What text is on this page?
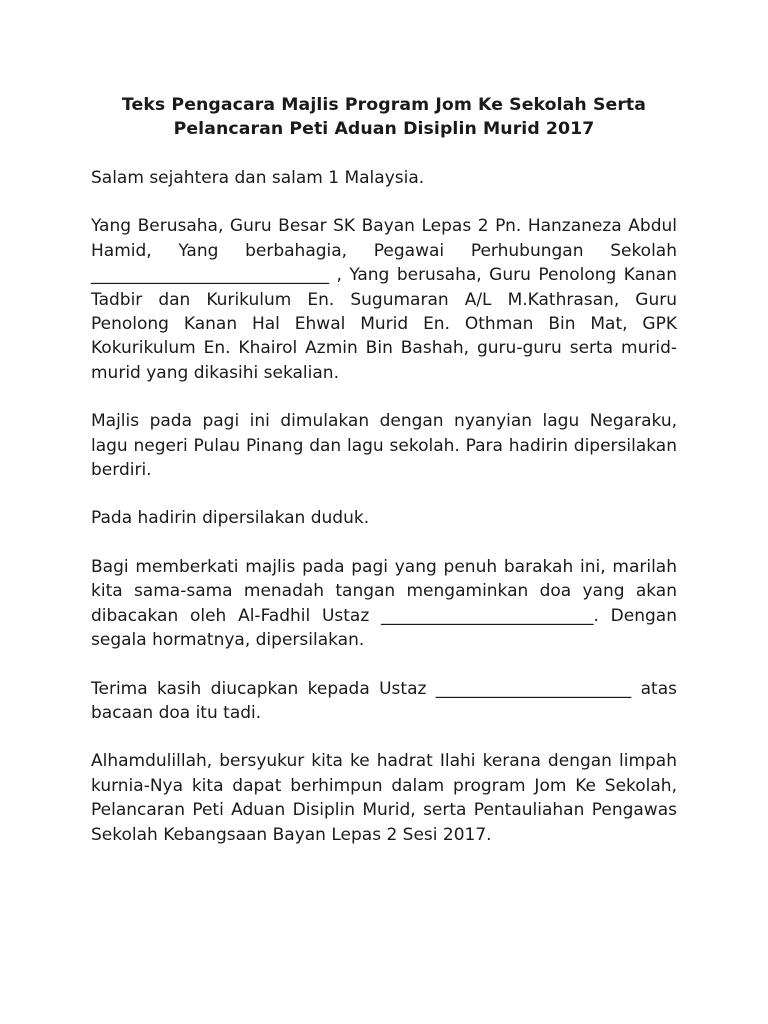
Teks Pengacara Majlis Program Jom Ke Sekolah Serta
Pelancaran Peti Aduan Disiplin Murid 2017

Salam sejahtera dan salam 1 Malaysia.

Yang Berusaha, Guru Besar SK Bayan Lepas 2 Pn. Hanzaneza Abdul Hamid, Yang berbahagia, Pegawai Perhubungan Sekolah ____________________________ , Yang berusaha, Guru Penolong Kanan Tadbir dan Kurikulum En. Sugumaran A/L M.Kathrasan, Guru Penolong Kanan Hal Ehwal Murid En. Othman Bin Mat, GPK Kokurikulum En. Khairol Azmin Bin Bashah, guru-guru serta murid-murid yang dikasihi sekalian.

Majlis pada pagi ini dimulakan dengan nyanyian lagu Negaraku, lagu negeri Pulau Pinang dan lagu sekolah. Para hadirin dipersilakan berdiri.

Pada hadirin dipersilakan duduk.

Bagi memberkati majlis pada pagi yang penuh barakah ini, marilah kita sama-sama menadah tangan mengaminkan doa yang akan dibacakan oleh Al-Fadhil Ustaz _________________________. Dengan segala hormatnya, dipersilakan.

Terima kasih diucapkan kepada Ustaz _______________________ atas bacaan doa itu tadi.

Alhamdulillah, bersyukur kita ke hadrat Ilahi kerana dengan limpah kurnia-Nya kita dapat berhimpun dalam program Jom Ke Sekolah, Pelancaran Peti Aduan Disiplin Murid, serta Pentauliahan Pengawas Sekolah Kebangsaan Bayan Lepas 2 Sesi 2017.
